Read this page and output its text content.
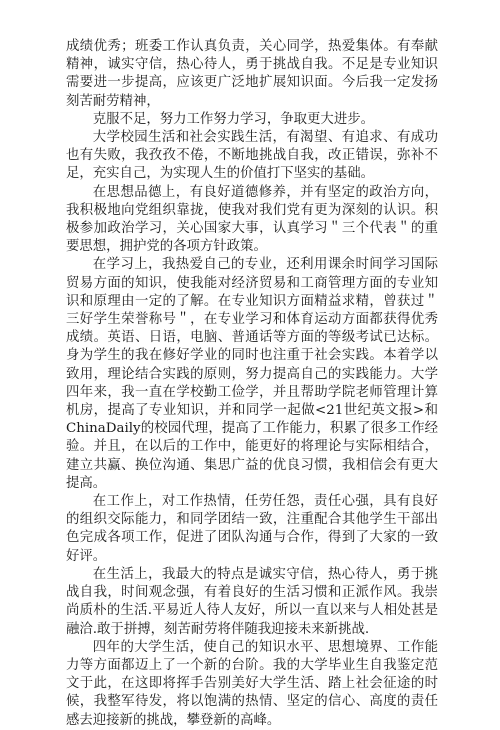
成绩优秀；班委工作认真负责，关心同学，热爱集体。有奉献精神，诚实守信，热心待人，勇于挑战自我。不足是专业知识需要进一步提高，应该更广泛地扩展知识面。今后我一定发扬刻苦耐劳精神，

克服不足，努力工作努力学习，争取更大进步。

大学校园生活和社会实践生活，有渴望、有追求、有成功也有失败，我孜孜不倦，不断地挑战自我，改正错误，弥补不足，充实自己，为实现人生的价值打下坚实的基础。

在思想品德上，有良好道德修养，并有坚定的政治方向，我积极地向党组织靠拢，使我对我们党有更为深刻的认识。积极参加政治学习，关心国家大事，认真学习＂三个代表＂的重要思想，拥护党的各项方针政策。

在学习上，我热爱自己的专业，还利用课余时间学习国际贸易方面的知识，使我能对经济贸易和工商管理方面的专业知识和原理由一定的了解。在专业知识方面精益求精，曾获过＂三好学生荣誉称号＂，在专业学习和体育运动方面都获得优秀成绩。英语、日语，电脑、普通话等方面的等级考试已达标。身为学生的我在修好学业的同时也注重于社会实践。本着学以致用，理论结合实践的原则，努力提高自己的实践能力。大学四年来，我一直在学校勤工俭学，并且帮助学院老师管理计算机房，提高了专业知识，并和同学一起做<21世纪英文报>和ChinaDaily的校园代理，提高了工作能力，积累了很多工作经验。并且，在以后的工作中，能更好的将理论与实际相结合，建立共赢、换位沟通、集思广益的优良习惯，我相信会有更大提高。

在工作上，对工作热情，任劳任怨，责任心强，具有良好的组织交际能力，和同学团结一致，注重配合其他学生干部出色完成各项工作，促进了团队沟通与合作，得到了大家的一致好评。

在生活上，我最大的特点是诚实守信，热心待人，勇于挑战自我，时间观念强，有着良好的生活习惯和正派作风。我崇尚质朴的生活.平易近人待人友好，所以一直以来与人相处甚是融洽.敢于拼搏，刻苦耐劳将伴随我迎接未来新挑战.

四年的大学生活，使自己的知识水平、思想境界、工作能力等方面都迈上了一个新的台阶。我的大学毕业生自我鉴定范文于此，在这即将挥手告别美好大学生活、踏上社会征途的时候，我整军待发，将以饱满的热情、坚定的信心、高度的责任感去迎接新的挑战，攀登新的高峰。
